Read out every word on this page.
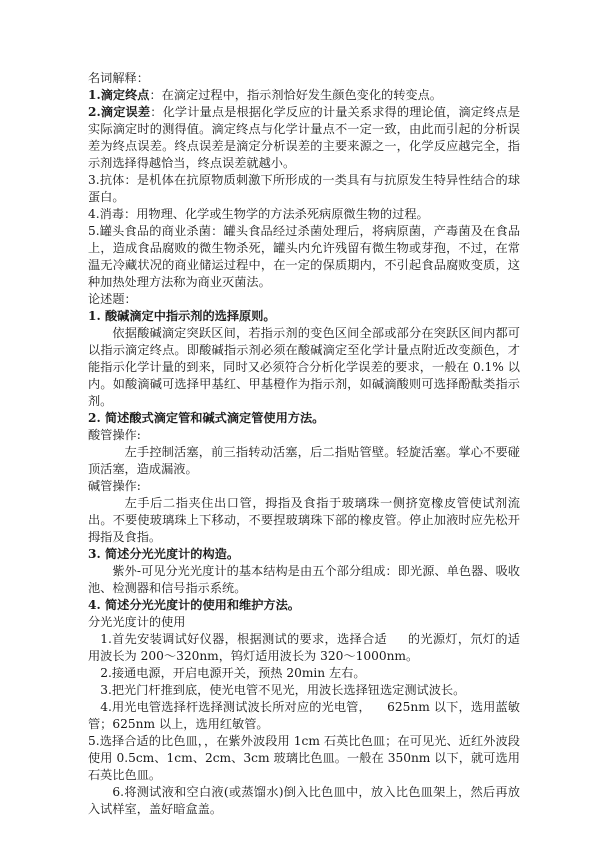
名词解释：

1.滴定终点：在滴定过程中，指示剂恰好发生颜色变化的转变点。

2.滴定误差：化学计量点是根据化学反应的计量关系求得的理论值，滴定终点是实际滴定时的测得值。滴定终点与化学计量点不一定一致，由此而引起的分析误差为终点误差。终点误差是滴定分析误差的主要来源之一，化学反应越完全，指示剂选择得越恰当，终点误差就越小。

3.抗体：是机体在抗原物质刺激下所形成的一类具有与抗原发生特异性结合的球蛋白。

4.消毒：用物理、化学或生物学的方法杀死病原微生物的过程。

5.罐头食品的商业杀菌：罐头食品经过杀菌处理后，将病原菌，产毒菌及在食品上，造成食品腐败的微生物杀死，罐头内允许残留有微生物或芽孢，不过，在常温无冷藏状况的商业储运过程中，在一定的保质期内，不引起食品腐败变质，这种加热处理方法称为商业灭菌法。

论述题：

1. 酸碱滴定中指示剂的选择原则。

依据酸碱滴定突跃区间，若指示剂的变色区间全部或部分在突跃区间内都可以指示滴定终点。即酸碱指示剂必须在酸碱滴定至化学计量点附近改变颜色，才能指示化学计量的到来，同时又必须符合分析化学误差的要求，一般在 0.1% 以内。如酸滴碱可选择甲基红、甲基橙作为指示剂，如碱滴酸则可选择酚酞类指示剂。

2. 简述酸式滴定管和碱式滴定管使用方法。

酸管操作:

左手控制活塞，前三指转动活塞，后二指贴管壁。轻旋活塞。掌心不要碰顶活塞，造成漏液。

碱管操作:

左手后二指夹住出口管，拇指及食指于玻璃珠一侧挤宽橡皮管使试剂流出。不要使玻璃珠上下移动，不要捏玻璃珠下部的橡皮管。停止加液时应先松开拇指及食指。

3. 简述分光光度计的构造。

紫外-可见分光光度计的基本结构是由五个部分组成：即光源、单色器、吸收池、检测器和信号指示系统。

4. 简述分光光度计的使用和维护方法。

分光光度计的使用

1.首先安装调试好仪器，根据测试的要求，选择合适 　 的光源灯，氘灯的适用波长为 200～320nm，钨灯适用波长为 320～1000nm。

2.接通电源，开启电源开关，预热 20min 左右。

3.把光门杆推到底，使光电管不见光，用波长选择钮选定测试波长。

4.用光电管选择杆选择测试波长所对应的光电管， 　625nm 以下，选用蓝敏管；625nm 以上，选用红敏管。

5.选择合适的比色皿，，在紫外波段用 1cm 石英比色皿；在可见光、近红外波段使用 0.5cm、1cm、2cm、3cm 玻璃比色皿。一般在 350nm 以下，就可选用石英比色皿。

6.将测试液和空白液(或蒸馏水)倒入比色皿中，放入比色皿架上，然后再放入试样室，盖好暗盒盖。
